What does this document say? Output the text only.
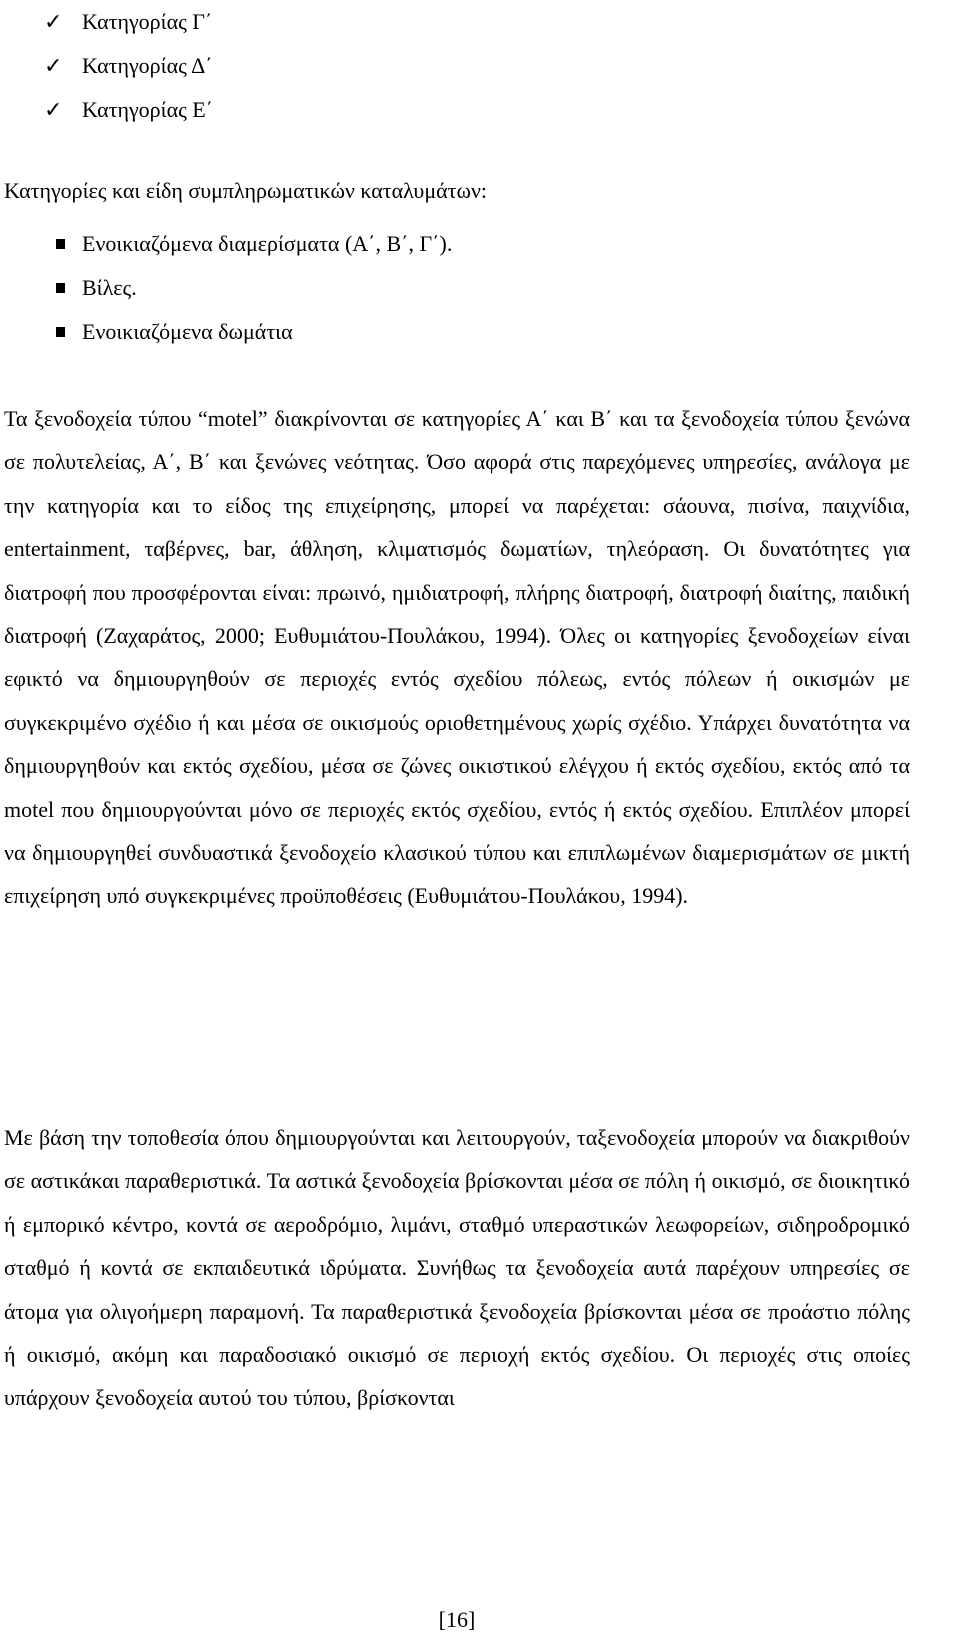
✓ Κατηγορίας Γ΄
✓ Κατηγορίας Δ΄
✓ Κατηγορίας Ε΄

Κατηγορίες και είδη συμπληρωματικών καταλυμάτων:

Ενοικιαζόμενα διαμερίσματα (Α΄, Β΄, Γ΄).
Βίλες.
Ενοικιαζόμενα δωμάτια

Τα ξενοδοχεία τύπου “motel” διακρίνονται σε κατηγορίες Α΄ και Β΄ και τα ξενοδοχεία τύπου ξενώνα σε πολυτελείας, Α΄, Β΄ και ξενώνες νεότητας. Όσο αφορά στις παρεχόμενες υπηρεσίες, ανάλογα με την κατηγορία και το είδος της επιχείρησης, μπορεί να παρέχεται: σάουνα, πισίνα, παιχνίδια, entertainment, ταβέρνες, bar, άθληση, κλιματισμός δωματίων, τηλεόραση. Οι δυνατότητες για διατροφή που προσφέρονται είναι: πρωινό, ημιδιατροφή, πλήρης διατροφή, διατροφή διαίτης, παιδική διατροφή (Ζαχαράτος, 2000; Ευθυμιάτου-Πουλάκου, 1994). Όλες οι κατηγορίες ξενοδοχείων είναι εφικτό να δημιουργηθούν σε περιοχές εντός σχεδίου πόλεως, εντός πόλεων ή οικισμών με συγκεκριμένο σχέδιο ή και μέσα σε οικισμούς οριοθετημένους χωρίς σχέδιο. Υπάρχει δυνατότητα να δημιουργηθούν και εκτός σχεδίου, μέσα σε ζώνες οικιστικού ελέγχου ή εκτός σχεδίου, εκτός από τα motel που δημιουργούνται μόνο σε περιοχές εκτός σχεδίου, εντός ή εκτός σχεδίου. Επιπλέον μπορεί να δημιουργηθεί συνδυαστικά ξενοδοχείο κλασικού τύπου και επιπλωμένων διαμερισμάτων σε μικτή επιχείρηση υπό συγκεκριμένες προϋποθέσεις (Ευθυμιάτου-Πουλάκου, 1994).

Με βάση την τοποθεσία όπου δημιουργούνται και λειτουργούν, ταξενοδοχεία μπορούν να διακριθούν σε αστικάκαι παραθεριστικά. Τα αστικά ξενοδοχεία βρίσκονται μέσα σε πόλη ή οικισμό, σε διοικητικό ή εμπορικό κέντρο, κοντά σε αεροδρόμιο, λιμάνι, σταθμό υπεραστικών λεωφορείων, σιδηροδρομικό σταθμό ή κοντά σε εκπαιδευτικά ιδρύματα. Συνήθως τα ξενοδοχεία αυτά παρέχουν υπηρεσίες σε άτομα για ολιγοήμερη παραμονή. Τα παραθεριστικά ξενοδοχεία βρίσκονται μέσα σε προάστιο πόλης ή οικισμό, ακόμη και παραδοσιακό οικισμό σε περιοχή εκτός σχεδίου. Οι περιοχές στις οποίες υπάρχουν ξενοδοχεία αυτού του τύπου, βρίσκονται

[16]
